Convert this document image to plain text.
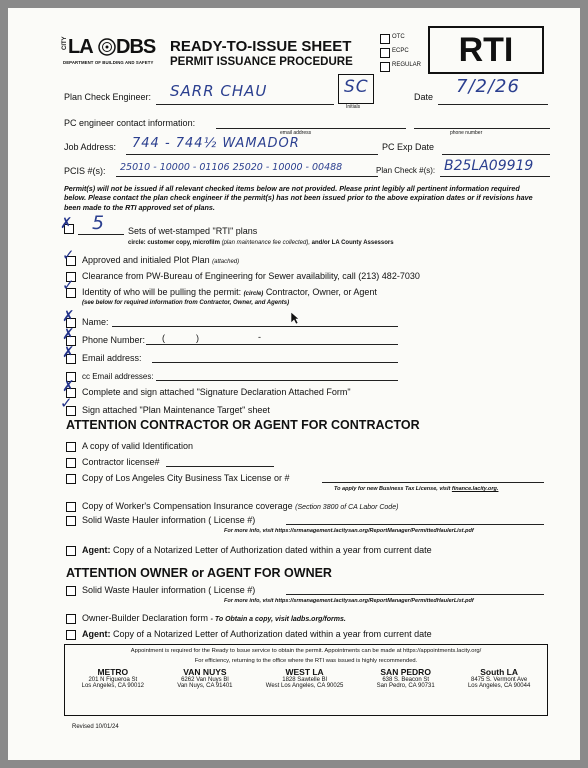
CITY LA DBS
DEPARTMENT OF BUILDING AND SAFETY
READY-TO-ISSUE SHEET
PERMIT ISSUANCE PROCEDURE
OTC
ECPC
REGULAR	RTI
Plan Check Engineer: SARR CHAU	SC
Initials
Date 7/2/26
PC engineer contact information:
email address	phone number
Job Address: 744 - 744½ WAMADOR	PC Exp Date
PCIS #(s): 25010 - 10000 - 01106 25020 - 10000 - 00488	Plan Check #(s): B25LA09919
Permit(s) will not be issued if all relevant checked items below are not provided. Please print legibly all pertinent information required below. Please contact the plan check engineer if the permit(s) has not been issued prior to the above expiration dates or if revisions have been made to the RTI approved set of plans.
✗ 5	Sets of wet-stamped "RTI" plans
circle: customer copy, microfilm (plan maintenance fee collected), and/or LA County Assessors
✓ Approved and initialed Plot Plan (attached)
Clearance from PW-Bureau of Engineering for Sewer availability, call (213) 482-7030
✓ Identity of who will be pulling the permit: (circle) Contractor, Owner, or Agent
(see below for required information from Contractor, Owner, and Agents)
✗ Name:
✗ Phone Number: (	)	-
✗ Email address:
cc Email addresses:
✗ Complete and sign attached "Signature Declaration Attached Form"
✓ Sign attached "Plan Maintenance Target" sheet
ATTENTION CONTRACTOR OR AGENT FOR CONTRACTOR
A copy of valid Identification
Contractor license#
Copy of Los Angeles City Business Tax License or #
To apply for new Business Tax License, visit finance.lacity.org.
Copy of Worker's Compensation Insurance coverage (Section 3800 of CA Labor Code)
Solid Waste Hauler information ( License #)
For more info, visit https://srmanagement.lacitysan.org/ReportManager/PermittedHaulerList.pdf
Agent: Copy of a Notarized Letter of Authorization dated within a year from current date
ATTENTION OWNER or AGENT FOR OWNER
Solid Waste Hauler information ( License #)
For more info, visit https://srmanagement.lacitysan.org/ReportManager/PermittedHaulerList.pdf
Owner-Builder Declaration form - To Obtain a copy, visit ladbs.org/forms.
Agent: Copy of a Notarized Letter of Authorization dated within a year from current date
Appointment is required for the Ready to Issue service to obtain the permit. Appointments can be made at https://appointments.lacity.org/
For efficiency, returning to the office where the RTI was issued is highly recommended.
METRO
201 N Figueroa St
Los Angeles, CA 90012
VAN NUYS
6262 Van Nuys Bl
Van Nuys, CA 91401
WEST LA
1828 Sawtelle Bl
West Los Angeles, CA 90025
SAN PEDRO
638 S. Beacon St
San Pedro, CA 90731
South LA
8475 S. Vermont Ave
Los Angeles, CA 90044
Revised 10/01/24
